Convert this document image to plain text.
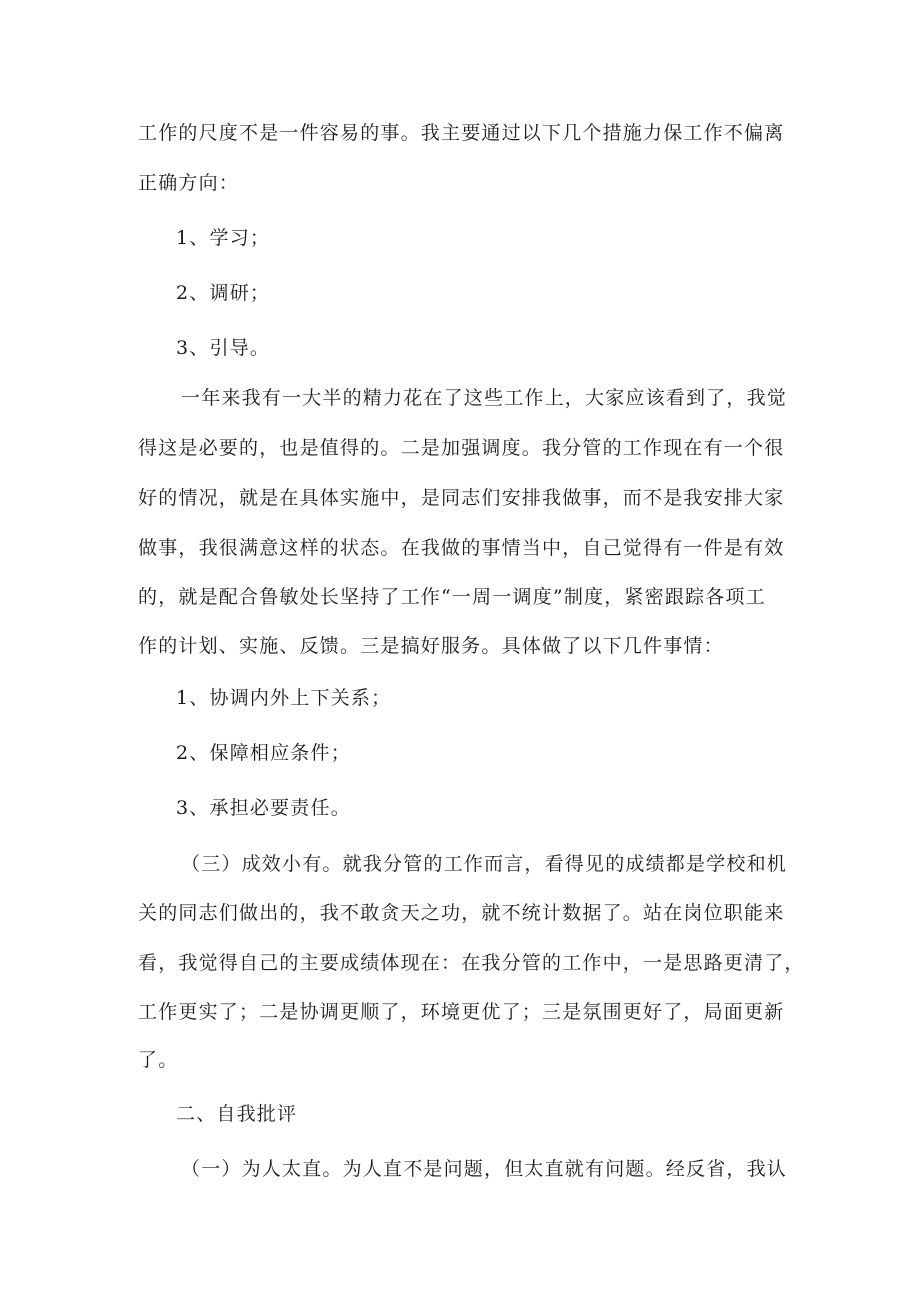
工作的尺度不是一件容易的事。我主要通过以下几个措施力保工作不偏离
正确方向：
1、学习；
2、调研；
3、引导。
一年来我有一大半的精力花在了这些工作上，大家应该看到了，我觉
得这是必要的，也是值得的。二是加强调度。我分管的工作现在有一个很
好的情况，就是在具体实施中，是同志们安排我做事，而不是我安排大家
做事，我很满意这样的状态。在我做的事情当中，自己觉得有一件是有效
的，就是配合鲁敏处长坚持了工作“一周一调度”制度，紧密跟踪各项工
作的计划、实施、反馈。三是搞好服务。具体做了以下几件事情：
1、协调内外上下关系；
2、保障相应条件；
3、承担必要责任。
（三）成效小有。就我分管的工作而言，看得见的成绩都是学校和机
关的同志们做出的，我不敢贪天之功，就不统计数据了。站在岗位职能来
看，我觉得自己的主要成绩体现在：在我分管的工作中，一是思路更清了，
工作更实了；二是协调更顺了，环境更优了；三是氛围更好了，局面更新
了。
二、自我批评
（一）为人太直。为人直不是问题，但太直就有问题。经反省，我认
